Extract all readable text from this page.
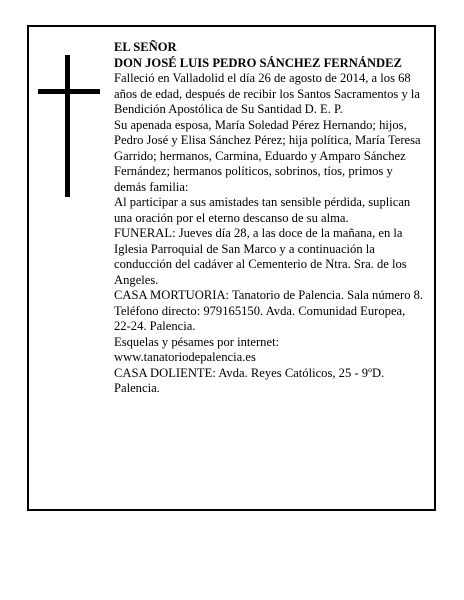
EL SEÑOR

DON JOSÉ LUIS PEDRO SÁNCHEZ FERNÁNDEZ

Falleció en Valladolid el día 26 de agosto de 2014, a los 68 años de edad, después de recibir los Santos Sacramentos y la Bendición Apostólica de Su Santidad D. E. P.

Su apenada esposa, María Soledad Pérez Hernando; hijos, Pedro José y Elisa Sánchez Pérez; hija política, María Teresa Garrido; hermanos, Carmina, Eduardo y Amparo Sánchez Fernández; hermanos políticos, sobrinos, tíos, primos y demás familia:

Al participar a sus amistades tan sensible pérdida, suplican una oración por el eterno descanso de su alma.

FUNERAL: Jueves día 28, a las doce de la mañana, en la Iglesia Parroquial de San Marco y a continuación la conducción del cadáver al Cementerio de Ntra. Sra. de los Angeles.

CASA MORTUORIA: Tanatorio de Palencia. Sala número 8. Teléfono directo: 979165150. Avda. Comunidad Europea, 22-24. Palencia.

Esquelas y pésames por internet: www.tanatoriodepalencia.es

CASA DOLIENTE: Avda. Reyes Católicos, 25 - 9ºD. Palencia.
